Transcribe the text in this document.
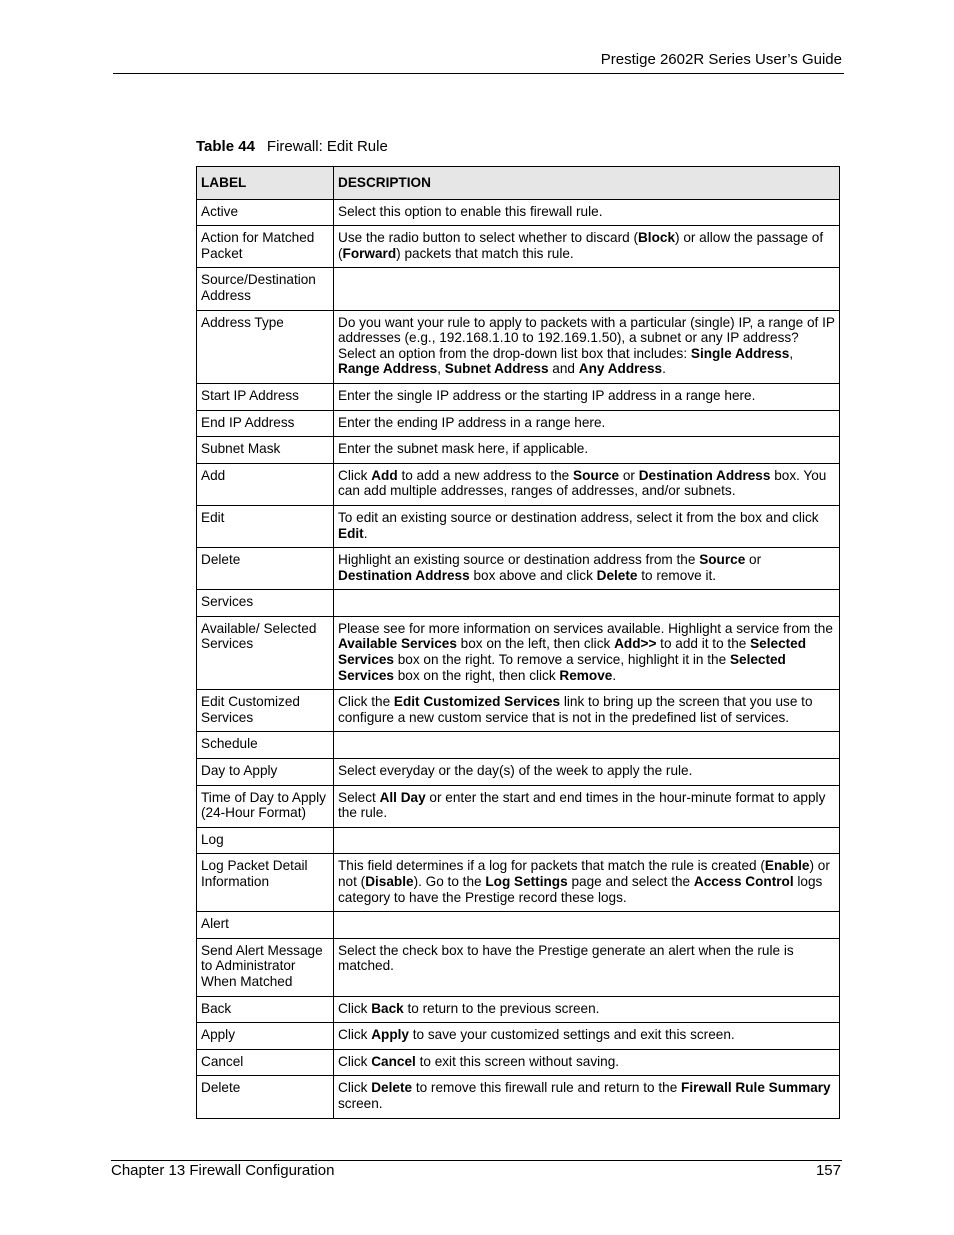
Prestige 2602R Series User’s Guide
Table 44 Firewall: Edit Rule
LABEL	DESCRIPTION
Active	Select this option to enable this firewall rule.
Action for Matched Packet	Use the radio button to select whether to discard (Block) or allow the passage of (Forward) packets that match this rule.
Source/Destination Address	
Address Type	Do you want your rule to apply to packets with a particular (single) IP, a range of IP addresses (e.g., 192.168.1.10 to 192.169.1.50), a subnet or any IP address? Select an option from the drop-down list box that includes: Single Address, Range Address, Subnet Address and Any Address.
Start IP Address	Enter the single IP address or the starting IP address in a range here.
End IP Address	Enter the ending IP address in a range here.
Subnet Mask	Enter the subnet mask here, if applicable.
Add	Click Add to add a new address to the Source or Destination Address box. You can add multiple addresses, ranges of addresses, and/or subnets.
Edit	To edit an existing source or destination address, select it from the box and click Edit.
Delete	Highlight an existing source or destination address from the Source or Destination Address box above and click Delete to remove it.
Services	
Available/ Selected Services	Please see for more information on services available. Highlight a service from the Available Services box on the left, then click Add>> to add it to the Selected Services box on the right. To remove a service, highlight it in the Selected Services box on the right, then click Remove.
Edit Customized Services	Click the Edit Customized Services link to bring up the screen that you use to configure a new custom service that is not in the predefined list of services.
Schedule	
Day to Apply	Select everyday or the day(s) of the week to apply the rule.
Time of Day to Apply (24-Hour Format)	Select All Day or enter the start and end times in the hour-minute format to apply the rule.
Log	
Log Packet Detail Information	This field determines if a log for packets that match the rule is created (Enable) or not (Disable). Go to the Log Settings page and select the Access Control logs category to have the Prestige record these logs.
Alert	
Send Alert Message to Administrator When Matched	Select the check box to have the Prestige generate an alert when the rule is matched.
Back	Click Back to return to the previous screen.
Apply	Click Apply to save your customized settings and exit this screen.
Cancel	Click Cancel to exit this screen without saving.
Delete	Click Delete to remove this firewall rule and return to the Firewall Rule Summary screen.
Chapter 13 Firewall Configuration	157
